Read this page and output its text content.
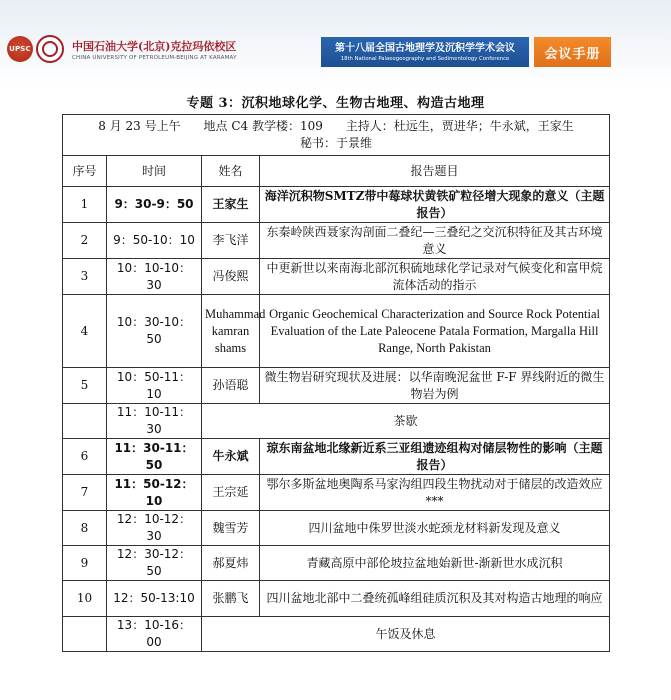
UPSC	中国石油大学(北京)克拉玛依校区
CHINA UNIVERSITY OF PETROLEUM-BEIJING AT KARAMAY
第十八届全国古地理学及沉积学学术会议
18th National Palaeogeography and Sedimentology Conference	会议手册
专题 3：沉积地球化学、生物古地理、构造古地理
8 月 23 号上午      地点 C4 教学楼：109      主持人：杜远生，贾进华；牛永斌，王家生
秘书：于景维			

序号	时间	姓名	报告题目
1	9：30-9：50	王家生	海洋沉积物SMTZ带中莓球状黄铁矿粒径增大现象的意义（主题报告）
2	9：50-10：10	李飞洋	东秦岭陕西聂家沟剖面二叠纪—三叠纪之交沉积特征及其古环境意义
3	10：10-10：30	冯俊熙	中更新世以来南海北部沉积硫地球化学记录对气候变化和富甲烷流体活动的指示
4	10：30-10：50	Muhammad kamran shams	Organic Geochemical Characterization and Source Rock Potential Evaluation of the Late Paleocene Patala Formation, Margalla Hill Range, North Pakistan
5	10：50-11：10	孙语聪	微生物岩研究现状及进展：以华南晚泥盆世 F-F 界线附近的微生物岩为例
	11：10-11：30	茶歇	
6	11：30-11：50	牛永斌	琼东南盆地北缘新近系三亚组遗迹组构对储层物性的影响（主题报告）
7	11：50-12：10	王宗延	鄂尔多斯盆地奥陶系马家沟组四段生物扰动对于储层的改造效应***
8	12：10-12：30	魏雪芳	四川盆地中侏罗世淡水蛇颈龙材料新发现及意义
9	12：30-12：50	郝夏炜	青藏高原中部伦坡拉盆地始新世-渐新世水成沉积
10	12：50-13:10	张鹏飞	四川盆地北部中二叠统孤峰组硅质沉积及其对构造古地理的响应
	13：10-16：00	午饭及休息	
